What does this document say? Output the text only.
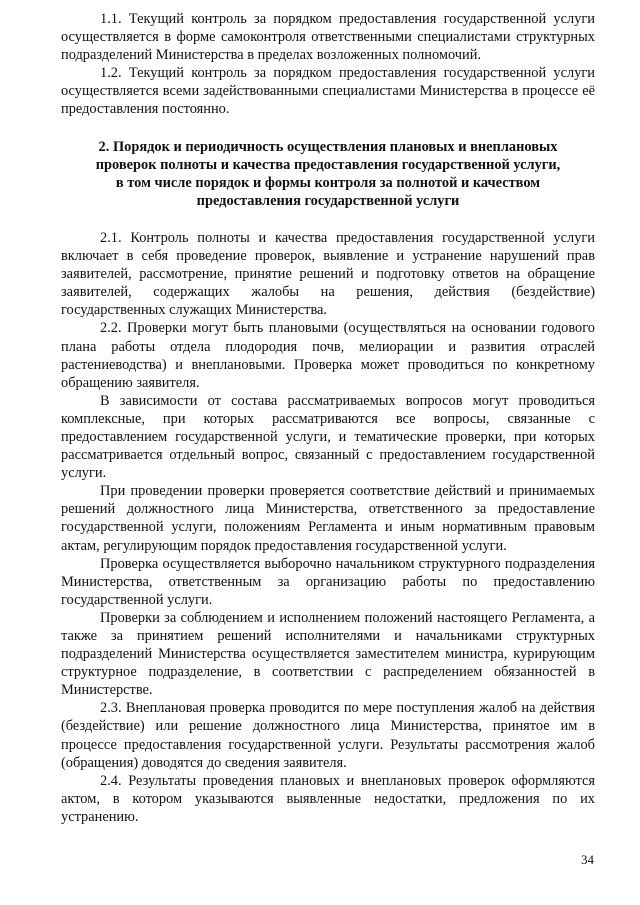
1.1. Текущий контроль за порядком предоставления государственной услуги осуществляется в форме самоконтроля ответственными специалистами структурных подразделений Министерства в пределах возложенных полномочий.

1.2. Текущий контроль за порядком предоставления государственной услуги осуществляется всеми задействованными специалистами Министерства в процессе её предоставления постоянно.

2. Порядок и периодичность осуществления плановых и внеплановых
проверок полноты и качества предоставления государственной услуги,
в том числе порядок и формы контроля за полнотой и качеством
предоставления государственной услуги

2.1. Контроль полноты и качества предоставления государственной услуги включает в себя проведение проверок, выявление и устранение нарушений прав заявителей, рассмотрение, принятие решений и подготовку ответов на обращение заявителей, содержащих жалобы на решения, действия (бездействие) государственных служащих Министерства.

2.2. Проверки могут быть плановыми (осуществляться на основании годового плана работы отдела плодородия почв, мелиорации и развития отраслей растениеводства) и внеплановыми. Проверка может проводиться по конкретному обращению заявителя.

В зависимости от состава рассматриваемых вопросов могут проводиться комплексные, при которых рассматриваются все вопросы, связанные с предоставлением государственной услуги, и тематические проверки, при которых рассматривается отдельный вопрос, связанный с предоставлением государственной услуги.

При проведении проверки проверяется соответствие действий и принимаемых решений должностного лица Министерства, ответственного за предоставление государственной услуги, положениям Регламента и иным нормативным правовым актам, регулирующим порядок предоставления государственной услуги.

Проверка осуществляется выборочно начальником структурного подразделения Министерства, ответственным за организацию работы по предоставлению государственной услуги.

Проверки за соблюдением и исполнением положений настоящего Регламента, а также за принятием решений исполнителями и начальниками структурных подразделений Министерства осуществляется заместителем министра, курирующим структурное подразделение, в соответствии с распределением обязанностей в Министерстве.

2.3. Внеплановая проверка проводится по мере поступления жалоб на действия (бездействие) или решение должностного лица Министерства, принятое им в процессе предоставления государственной услуги. Результаты рассмотрения жалоб (обращения) доводятся до сведения заявителя.

2.4. Результаты проведения плановых и внеплановых проверок оформляются актом, в котором указываются выявленные недостатки, предложения по их устранению.

34
